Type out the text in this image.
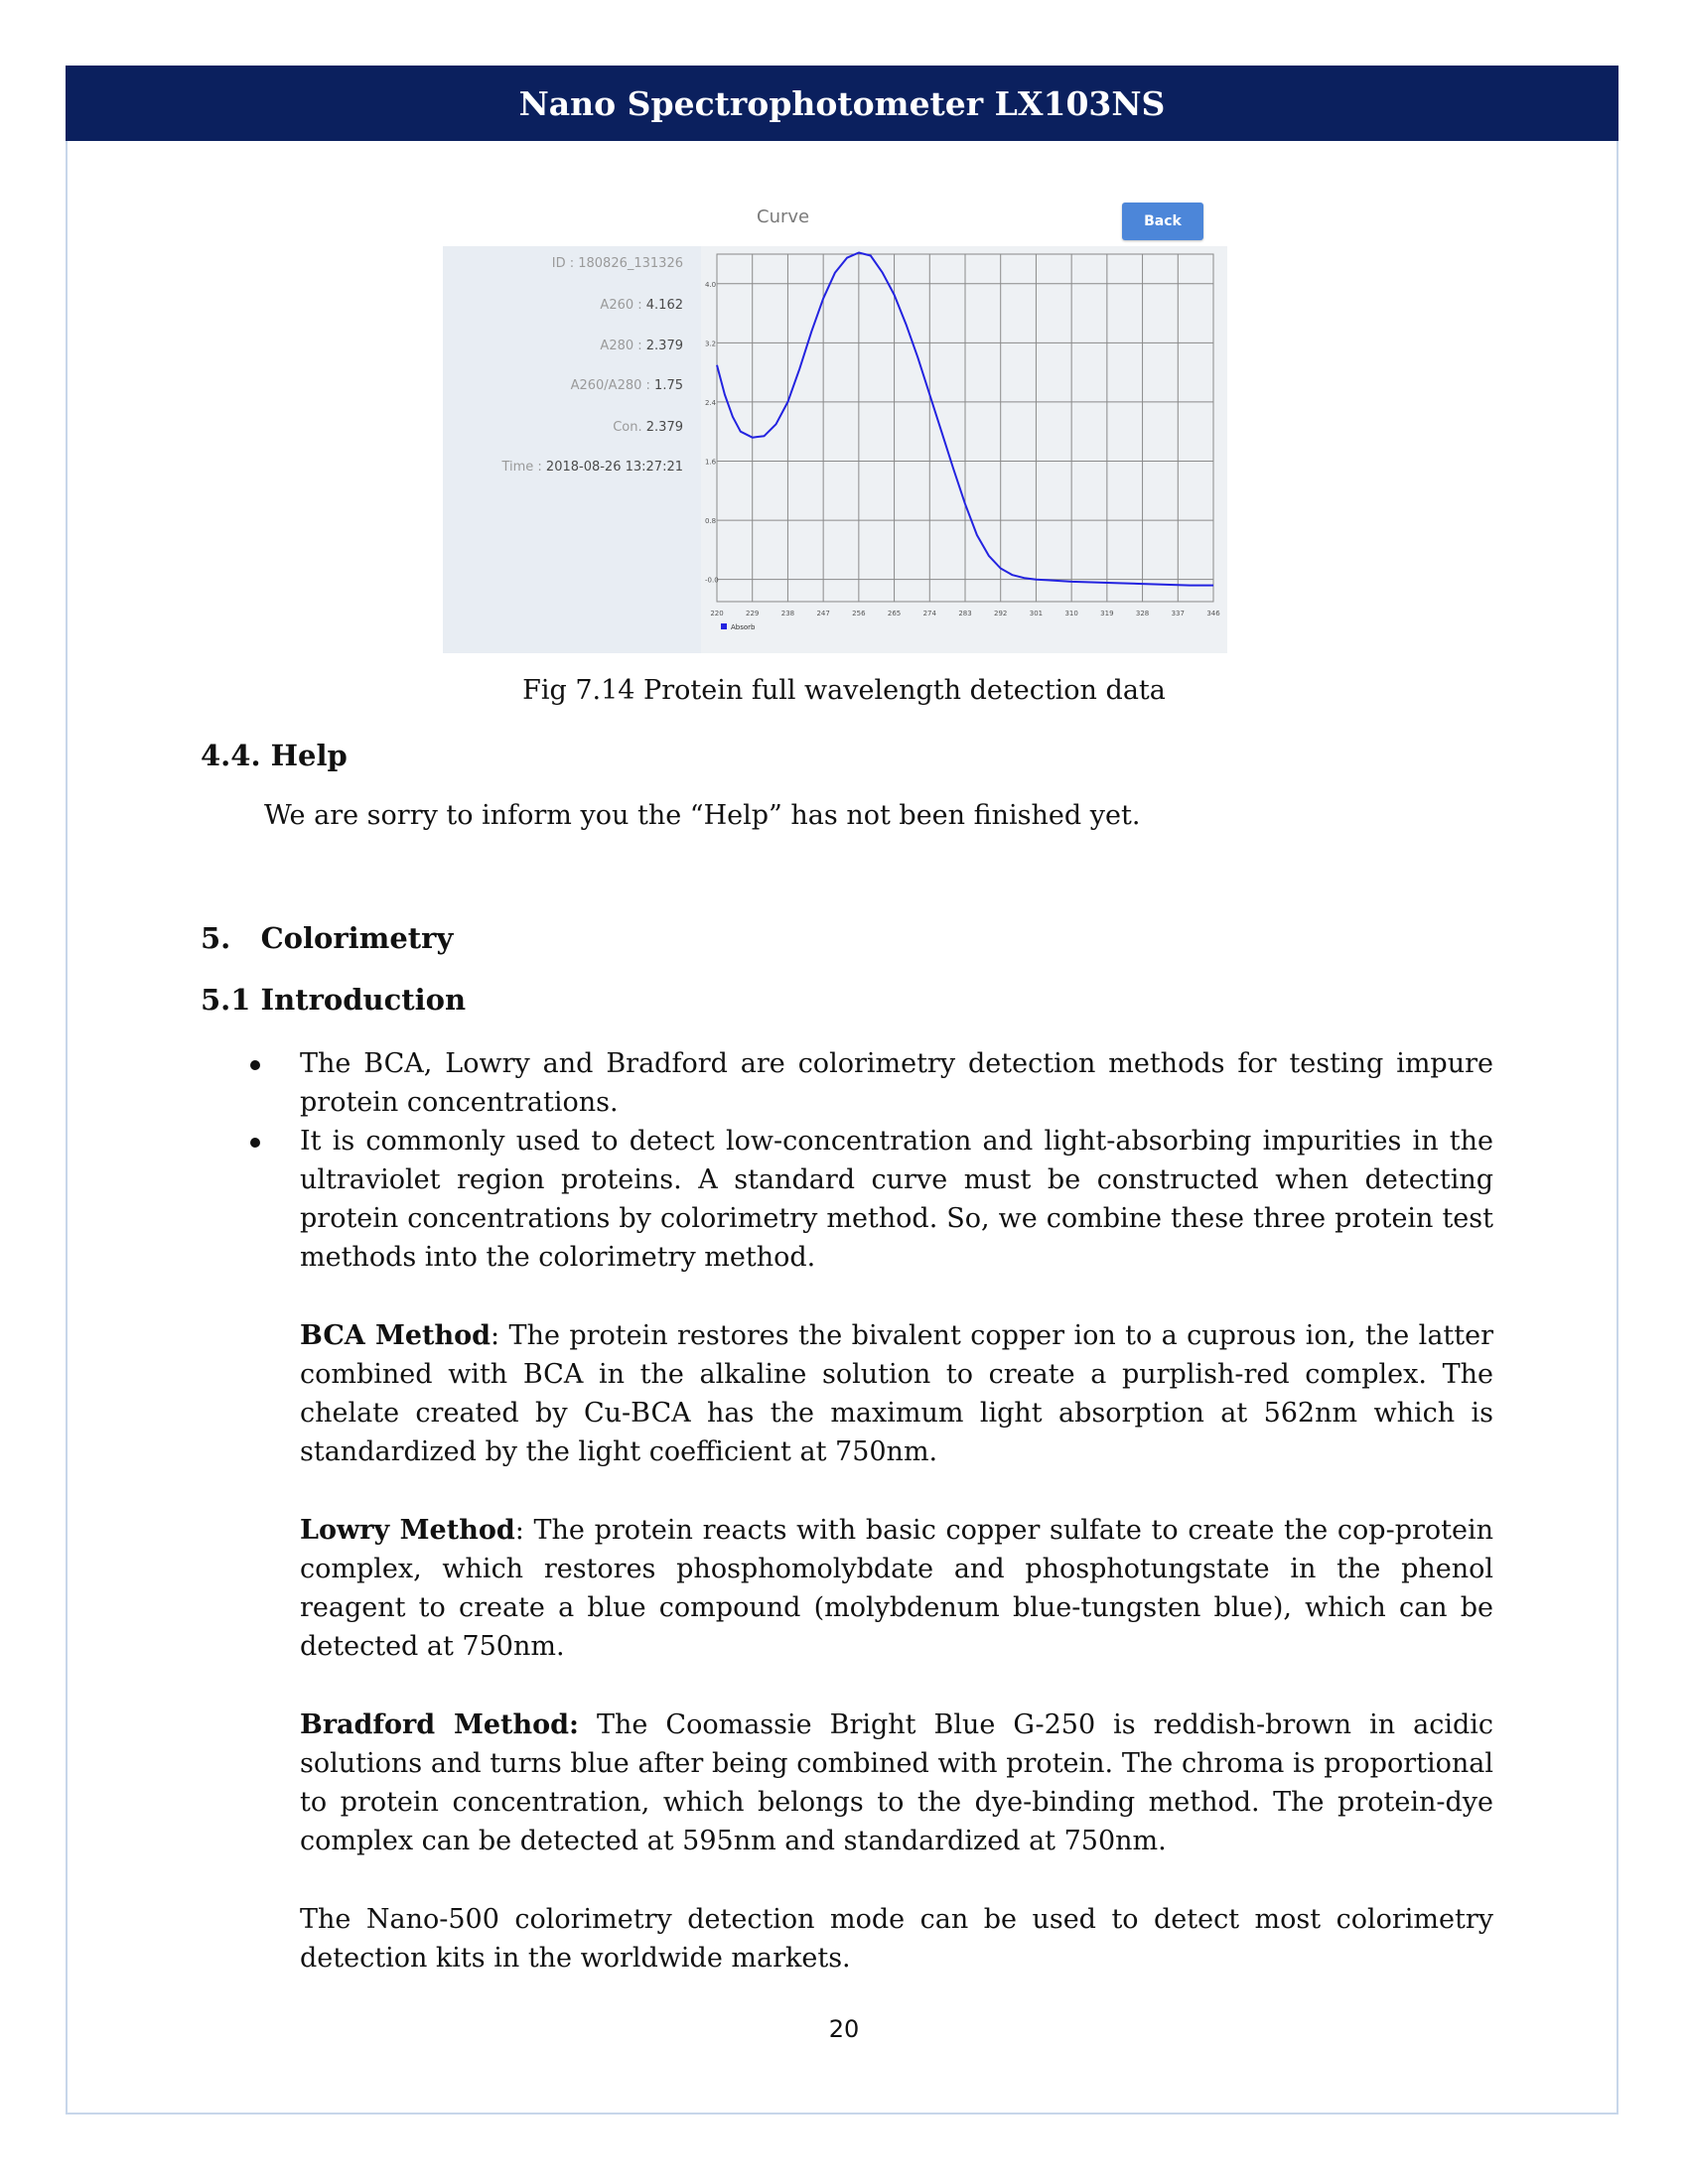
Nano Spectrophotometer LX103NS
Curve	Back
ID : 180826_131326
A260 : 4.162
A280 : 2.379
A260/A280 : 1.75
Con. 2.379
Time : 2018-08-26 13:27:21
220	229	238	247	256	265	274	283	292	301	310	319	328	337	346
4.0
3.2
2.4
1.6
0.8
-0.0
Absorb
Fig 7.14 Protein full wavelength detection data
4.4. Help

We are sorry to inform you the “Help” has not been finished yet.

5.   Colorimetry
5.1 Introduction

The BCA, Lowry and Bradford are colorimetry detection methods for testing impure protein concentrations.

It is commonly used to detect low-concentration and light-absorbing impurities in the ultraviolet region proteins. A standard curve must be constructed when detecting protein concentrations by colorimetry method. So, we combine these three protein test methods into the colorimetry method.

BCA Method: The protein restores the bivalent copper ion to a cuprous ion, the latter combined with BCA in the alkaline solution to create a purplish-red complex. The chelate created by Cu-BCA has the maximum light absorption at 562nm which is standardized by the light coefficient at 750nm.

Lowry Method: The protein reacts with basic copper sulfate to create the cop-protein complex, which restores phosphomolybdate and phosphotungstate in the phenol reagent to create a blue compound (molybdenum blue-tungsten blue), which can be detected at 750nm.

Bradford Method: The Coomassie Bright Blue G-250 is reddish-brown in acidic solutions and turns blue after being combined with protein. The chroma is proportional to protein concentration, which belongs to the dye-binding method. The protein-dye complex can be detected at 595nm and standardized at 750nm.

The Nano-500 colorimetry detection mode can be used to detect most colorimetry detection kits in the worldwide markets.

20
